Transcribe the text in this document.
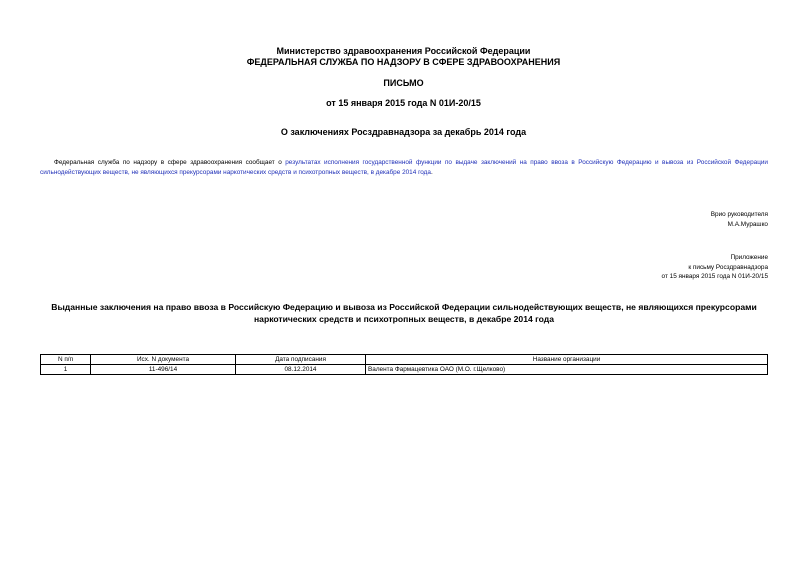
Министерство здравоохранения Российской Федерации
ФЕДЕРАЛЬНАЯ СЛУЖБА ПО НАДЗОРУ В СФЕРЕ ЗДРАВООХРАНЕНИЯ
ПИСЬМО
от 15 января 2015 года N 01И-20/15
О заключениях Росздравнадзора за декабрь 2014 года
Федеральная служба по надзору в сфере здравоохранения сообщает о результатах исполнения государственной функции по выдаче заключений на право ввоза в Российскую Федерацию и вывоза из Российской Федерации сильнодействующих веществ, не являющихся прекурсорами наркотических средств и психотропных веществ, в декабре 2014 года.
Врио руководителя
М.А.Мурашко
Приложение
к письму Росздравнадзора
от 15 января 2015 года N 01И-20/15
Выданные заключения на право ввоза в Российскую Федерацию и вывоза из Российской Федерации сильнодействующих веществ, не являющихся прекурсорами наркотических средств и психотропных веществ, в декабре 2014 года
N п/п	Исх. N документа	Дата подписания	Название организации
1	11-496/14	08.12.2014	Валента Фармацевтика ОАО (М.О. г.Щелково)
